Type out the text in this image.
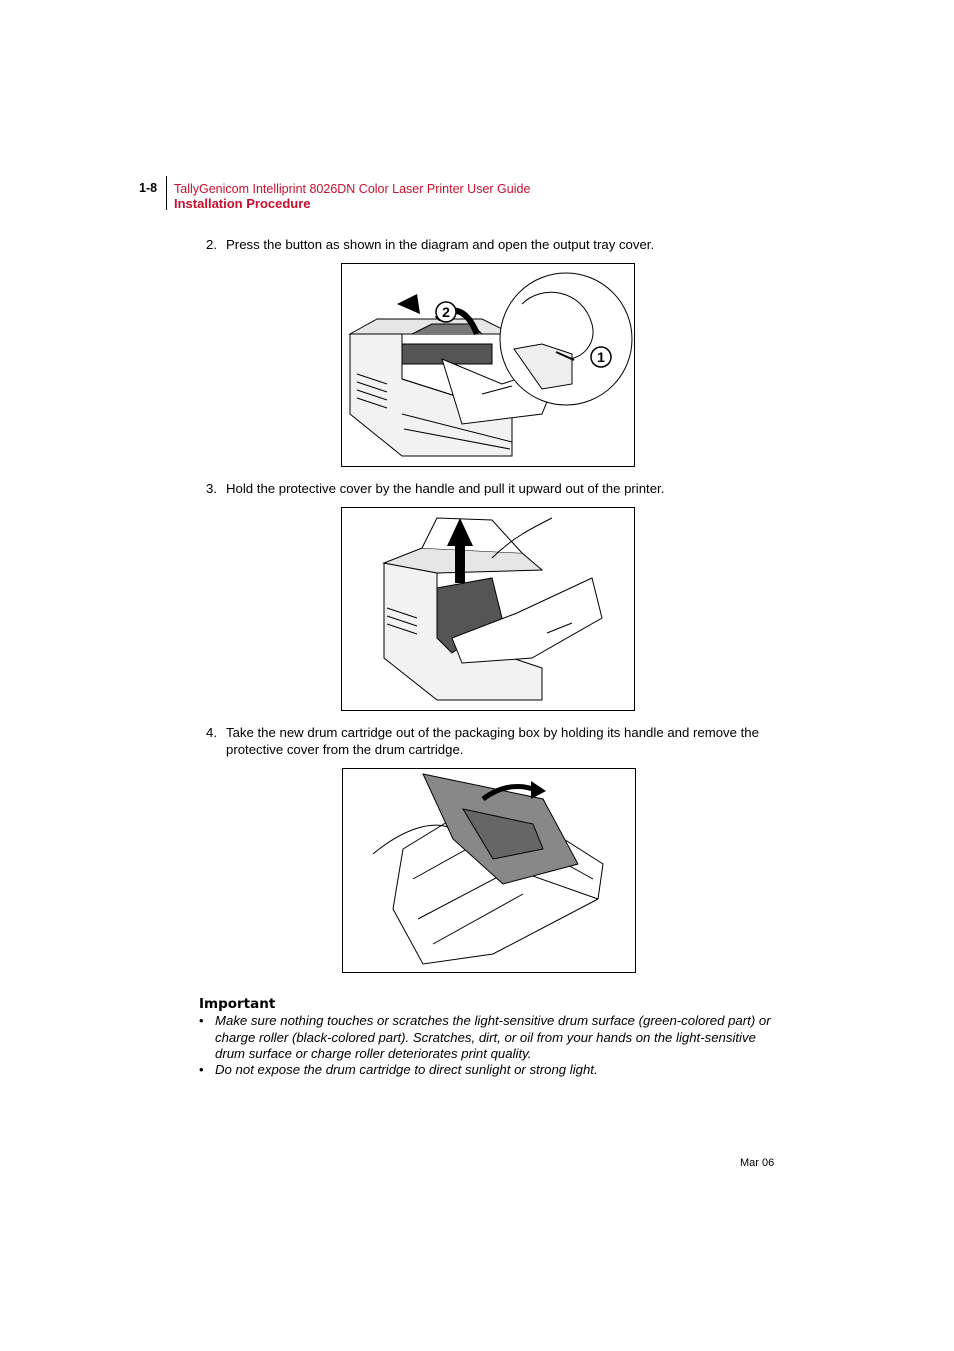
1-8 TallyGenicom Intelliprint 8026DN Color Laser Printer User Guide
Installation Procedure
2. Press the button as shown in the diagram and open the output tray cover.
2
1
3. Hold the protective cover by the handle and pull it upward out of the printer.
4. Take the new drum cartridge out of the packaging box by holding its handle and remove the protective cover from the drum cartridge.
Important
• Make sure nothing touches or scratches the light-sensitive drum surface (green-colored part) or charge roller (black-colored part). Scratches, dirt, or oil from your hands on the light-sensitive drum surface or charge roller deteriorates print quality.
• Do not expose the drum cartridge to direct sunlight or strong light.
Mar 06
